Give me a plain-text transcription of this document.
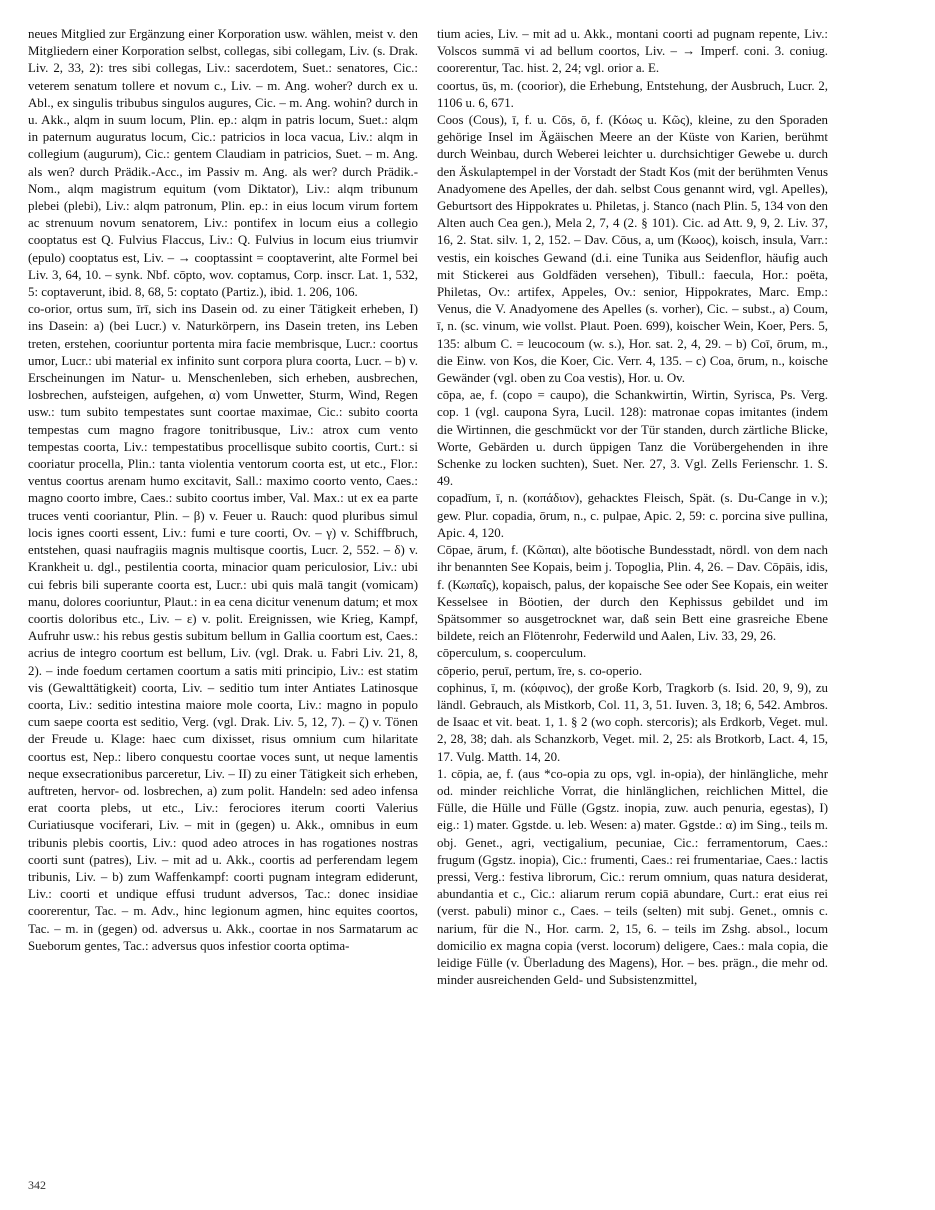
neues Mitglied zur Ergänzung einer Korporation usw. wählen, meist v. den Mitgliedern einer Korporation selbst, collegas, sibi collegam, Liv. (s. Drak. Liv. 2, 33, 2): tres sibi collegas, Liv.: sacerdotem, Suet.: senatores, Cic.: veterem senatum tollere et novum c., Liv. – m. Ang. woher? durch ex u. Abl., ex singulis tribubus singulos augures, Cic. – m. Ang. wohin? durch in u. Akk., alqm in suum locum, Plin. ep.: alqm in patris locum, Suet.: alqm in paternum auguratus locum, Cic.: patricios in loca vacua, Liv.: alqm in collegium (augurum), Cic.: gentem Claudiam in patricios, Suet. – m. Ang. als wen? durch Prädik.-Acc., im Passiv m. Ang. als wer? durch Prädik.-Nom., alqm magistrum equitum (vom Diktator), Liv.: alqm tribunum plebei (plebi), Liv.: alqm patronum, Plin. ep.: in eius locum virum fortem ac strenuum novum senatorem, Liv.: pontifex in locum eius a collegio cooptatus est Q. Fulvius Flaccus, Liv.: Q. Fulvius in locum eius triumvir (epulo) cooptatus est, Liv. – → cooptassint = cooptaverint, alte Formel bei Liv. 3, 64, 10. – synk. Nbf. cōpto, wov. coptamus, Corp. inscr. Lat. 1, 532, 5: coptaverunt, ibid. 8, 68, 5: coptato (Partiz.), ibid. 1. 206, 106.

co-orior, ortus sum, īrī, sich ins Dasein od. zu einer Tätigkeit erheben, I) ins Dasein: a) (bei Lucr.) v. Naturkörpern, ins Dasein treten, ins Leben treten, erstehen, cooriuntur portenta mira facie membrisque, Lucr.: coortus umor, Lucr.: ubi material ex infinito sunt corpora plura coorta, Lucr. – b) v. Erscheinungen im Natur- u. Menschenleben, sich erheben, ausbrechen, losbrechen, aufsteigen, aufgehen, α) vom Unwetter, Sturm, Wind, Regen usw.: tum subito tempestates sunt coortae maximae, Cic.: subito coorta tempestas cum magno fragore tonitribusque, Liv.: atrox cum vento tempestas coorta, Liv.: tempestatibus procellisque subito coortis, Curt.: si cooriatur procella, Plin.: tanta violentia ventorum coorta est, ut etc., Flor.: ventus coortus arenam humo excitavit, Sall.: maximo coorto vento, Caes.: magno coorto imbre, Caes.: subito coortus imber, Val. Max.: ut ex ea parte truces venti cooriantur, Plin. – β) v. Feuer u. Rauch: quod pluribus simul locis ignes coorti essent, Liv.: fumi e ture coorti, Ov. – γ) v. Schiffbruch, entstehen, quasi naufragiis magnis multisque coortis, Lucr. 2, 552. – δ) v. Krankheit u. dgl., pestilentia coorta, minacior quam periculosior, Liv.: ubi cui febris bili superante coorta est, Lucr.: ubi quis malā tangit (vomicam) manu, dolores cooriuntur, Plaut.: in ea cena dicitur venenum datum; et mox coortis doloribus etc., Liv. – ε) v. polit. Ereignissen, wie Krieg, Kampf, Aufruhr usw.: his rebus gestis subitum bellum in Gallia coortum est, Caes.: acrius de integro coortum est bellum, Liv. (vgl. Drak. u. Fabri Liv. 21, 8, 2). – inde foedum certamen coortum a satis miti principio, Liv.: est statim vis (Gewalttätigkeit) coorta, Liv. – seditio tum inter Antiates Latinosque coorta, Liv.: seditio intestina maiore mole coorta, Liv.: magno in populo cum saepe coorta est seditio, Verg. (vgl. Drak. Liv. 5, 12, 7). – ζ) v. Tönen der Freude u. Klage: haec cum dixisset, risus omnium cum hilaritate coortus est, Nep.: libero conquestu coortae voces sunt, ut neque lamentis neque exsecrationibus parceretur, Liv. – II) zu einer Tätigkeit sich erheben, auftreten, hervor- od. losbrechen, a) zum polit. Handeln: sed adeo infensa erat coorta plebs, ut etc., Liv.: ferociores iterum coorti Valerius Curiatiusque vociferari, Liv. – mit in (gegen) u. Akk., omnibus in eum tribunis plebis coortis, Liv.: quod adeo atroces in has rogationes nostras coorti sunt (patres), Liv. – mit ad u. Akk., coortis ad perferendam legem tribunis, Liv. – b) zum Waffenkampf: coorti pugnam integram ediderunt, Liv.: coorti et undique effusi trudunt adversos, Tac.: donec insidiae coorerentur, Tac. – m. Adv., hinc legionum agmen, hinc equites coortos, Tac. – m. in (gegen) od. adversus u. Akk., coortae in nos Sarmatarum ac Sueborum gentes, Tac.: adversus quos infestior coorta optima-

tium acies, Liv. – mit ad u. Akk., montani coorti ad pugnam repente, Liv.: Volscos summā vi ad bellum coortos, Liv. – → Imperf. coni. 3. coniug. coorerentur, Tac. hist. 2, 24; vgl. orior a. E.

coortus, ūs, m. (coorior), die Erhebung, Entstehung, der Ausbruch, Lucr. 2, 1106 u. 6, 671.

Coos (Cous), ī, f. u. Cōs, ō, f. (Κόως u. Κῶς), kleine, zu den Sporaden gehörige Insel im Ägäischen Meere an der Küste von Karien, berühmt durch Weinbau, durch Weberei leichter u. durchsichtiger Gewebe u. durch den Äskulaptempel in der Vorstadt der Stadt Kos (mit der berühmten Venus Anadyomene des Apelles, der dah. selbst Cous genannt wird, vgl. Apelles), Geburtsort des Hippokrates u. Philetas, j. Stanco (nach Plin. 5, 134 von den Alten auch Cea gen.), Mela 2, 7, 4 (2. § 101). Cic. ad Att. 9, 9, 2. Liv. 37, 16, 2. Stat. silv. 1, 2, 152. – Dav. Cōus, a, um (Κωος), koisch, insula, Varr.: vestis, ein koisches Gewand (d.i. eine Tunika aus Seidenflor, häufig auch mit Stickerei aus Goldfäden versehen), Tibull.: faecula, Hor.: poëta, Philetas, Ov.: artifex, Appeles, Ov.: senior, Hippokrates, Marc. Emp.: Venus, die V. Anadyomene des Apelles (s. vorher), Cic. – subst., a) Coum, ī, n. (sc. vinum, wie vollst. Plaut. Poen. 699), koischer Wein, Koer, Pers. 5, 135: album C. = leucocoum (w. s.), Hor. sat. 2, 4, 29. – b) Coī, ōrum, m., die Einw. von Kos, die Koer, Cic. Verr. 4, 135. – c) Coa, ōrum, n., koische Gewänder (vgl. oben zu Coa vestis), Hor. u. Ov.

cōpa, ae, f. (copo = caupo), die Schankwirtin, Wirtin, Syrisca, Ps. Verg. cop. 1 (vgl. caupona Syra, Lucil. 128): matronae copas imitantes (indem die Wirtinnen, die geschmückt vor der Tür standen, durch zärtliche Blicke, Worte, Gebärden u. durch üppigen Tanz die Vorübergehenden in ihre Schenke zu locken suchten), Suet. Ner. 27, 3. Vgl. Zells Ferienschr. 1. S. 49.

copadīum, ī, n. (κοπάδιον), gehacktes Fleisch, Spät. (s. Du-Cange in v.); gew. Plur. copadia, ōrum, n., c. pulpae, Apic. 2, 59: c. porcina sive pullina, Apic. 4, 120.

Cōpae, ārum, f. (Κῶπαι), alte böotische Bundesstadt, nördl. von dem nach ihr benannten See Kopais, beim j. Topoglia, Plin. 4, 26. – Dav. Cōpāis, idis, f. (Κωπαΐς), kopaisch, palus, der kopaische See oder See Kopais, ein weiter Kesselsee in Böotien, der durch den Kephissus gebildet und im Spätsommer so ausgetrocknet war, daß sein Bett eine grasreiche Ebene bildete, reich an Flötenrohr, Federwild und Aalen, Liv. 33, 29, 26.

cōperculum, s. cooperculum.

cōperio, peruī, pertum, īre, s. co-operio.

cophinus, ī, m. (κόφινος), der große Korb, Tragkorb (s. Isid. 20, 9, 9), zu ländl. Gebrauch, als Mistkorb, Col. 11, 3, 51. Iuven. 3, 18; 6, 542. Ambros. de Isaac et vit. beat. 1, 1. § 2 (wo coph. stercoris); als Erdkorb, Veget. mul. 2, 28, 38; dah. als Schanzkorb, Veget. mil. 2, 25: als Brotkorb, Lact. 4, 15, 17. Vulg. Matth. 14, 20.

1. cōpia, ae, f. (aus *co-opia zu ops, vgl. in-opia), der hinlängliche, mehr od. minder reichliche Vorrat, die hinlänglichen, reichlichen Mittel, die Fülle, die Hülle und Fülle (Ggstz. inopia, zuw. auch penuria, egestas), I) eig.: 1) mater. Ggstde. u. leb. Wesen: a) mater. Ggstde.: α) im Sing., teils m. obj. Genet., agri, vectigalium, pecuniae, Cic.: ferramentorum, Caes.: frugum (Ggstz. inopia), Cic.: frumenti, Caes.: rei frumentariae, Caes.: lactis pressi, Verg.: festiva librorum, Cic.: rerum omnium, quas natura desiderat, abundantia et c., Cic.: aliarum rerum copiā abundare, Curt.: erat eius rei (verst. pabuli) minor c., Caes. – teils (selten) mit subj. Genet., omnis c. narium, für die N., Hor. carm. 2, 15, 6. – teils im Zshg. absol., locum domicilio ex magna copia (verst. locorum) deligere, Caes.: mala copia, die leidige Fülle (v. Überladung des Magens), Hor. – bes. prägn., die mehr od. minder ausreichenden Geld- und Subsistenzmittel,

342
